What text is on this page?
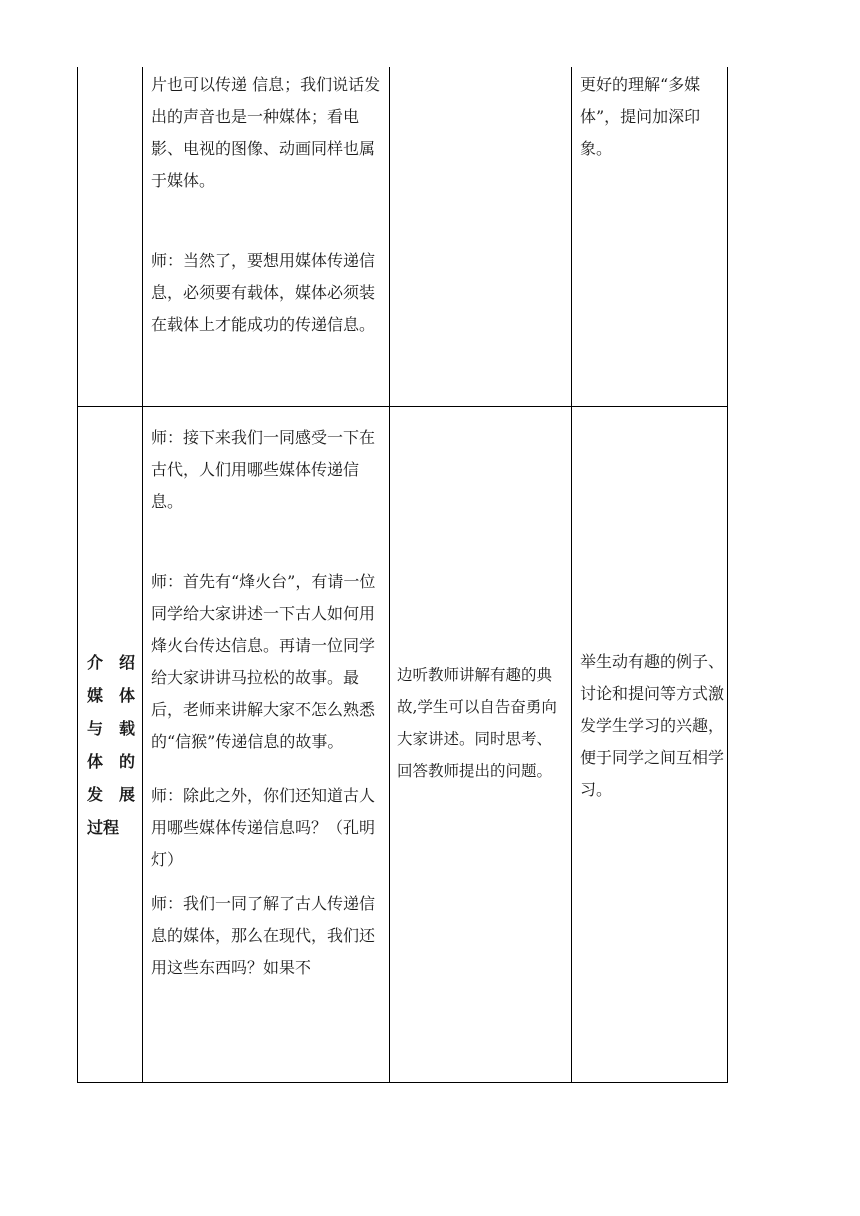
片也可以传递 信息；我们说话发出的声音也是一种媒体；看电影、电视的图像、动画同样也属于媒体。

师：当然了，要想用媒体传递信息，必须要有载体，媒体必须装在载体上才能成功的传递信息。

更好的理解“多媒体”，提问加深印象。

介 绍
媒 体
与 载
体 的
发 展
过程

师：接下来我们一同感受一下在古代，人们用哪些媒体传递信息。

师：首先有“烽火台”，有请一位同学给大家讲述一下古人如何用烽火台传达信息。再请一位同学给大家讲讲马拉松的故事。最后，老师来讲解大家不怎么熟悉的“信猴”传递信息的故事。

师：除此之外，你们还知道古人用哪些媒体传递信息吗？（孔明灯）

师：我们一同了解了古人传递信息的媒体，那么在现代，我们还用这些东西吗？如果不

边听教师讲解有趣的典故,学生可以自告奋勇向大家讲述。同时思考、回答教师提出的问题。

举生动有趣的例子、讨论和提问等方式激发学生学习的兴趣，便于同学之间互相学习。
